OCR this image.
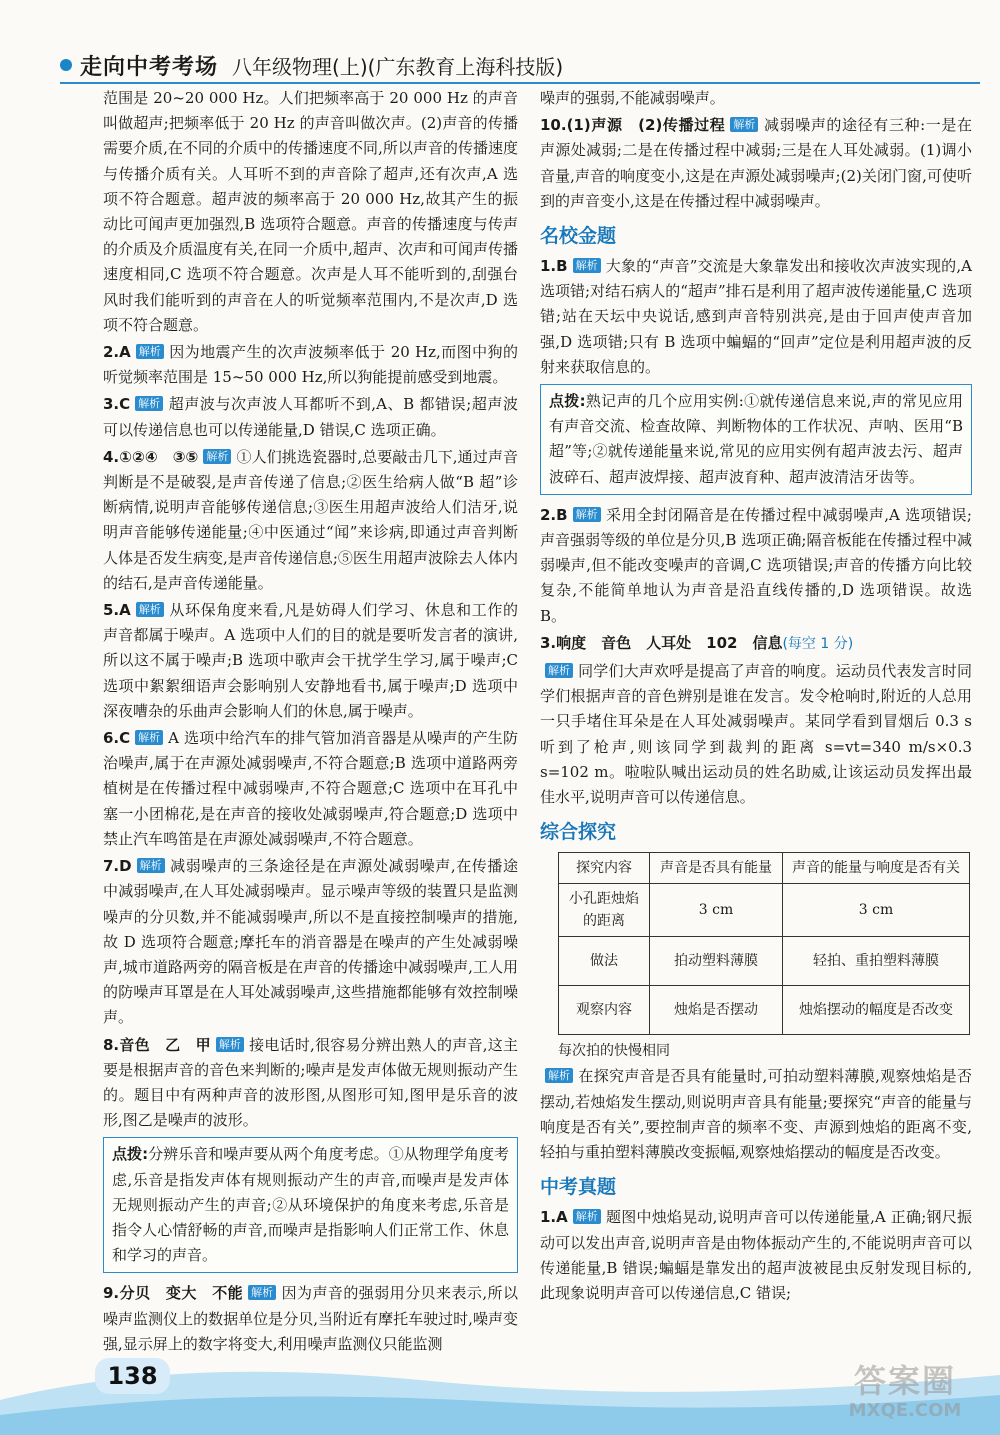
走向中考考场 八年级物理(上)(广东教育上海科技版)

范围是 20~20 000 Hz。人们把频率高于 20 000 Hz 的声音叫做超声;把频率低于 20 Hz 的声音叫做次声。(2)声音的传播需要介质,在不同的介质中的传播速度不同,所以声音的传播速度与传播介质有关。人耳听不到的声音除了超声,还有次声,A 选项不符合题意。超声波的频率高于 20 000 Hz,故其产生的振动比可闻声更加强烈,B 选项符合题意。声音的传播速度与传声的介质及介质温度有关,在同一介质中,超声、次声和可闻声传播速度相同,C 选项不符合题意。次声是人耳不能听到的,刮强台风时我们能听到的声音在人的听觉频率范围内,不是次声,D 选项不符合题意。

2.A 解析 因为地震产生的次声波频率低于 20 Hz,而图中狗的听觉频率范围是 15~50 000 Hz,所以狗能提前感受到地震。

3.C 解析 超声波与次声波人耳都听不到,A、B 都错误;超声波可以传递信息也可以传递能量,D 错误,C 选项正确。

4.①②④　③⑤ 解析 ①人们挑选瓷器时,总要敲击几下,通过声音判断是不是破裂,是声音传递了信息;②医生给病人做“B 超”诊断病情,说明声音能够传递信息;③医生用超声波给人们洁牙,说明声音能够传递能量;④中医通过“闻”来诊病,即通过声音判断人体是否发生病变,是声音传递信息;⑤医生用超声波除去人体内的结石,是声音传递能量。

5.A 解析 从环保角度来看,凡是妨碍人们学习、休息和工作的声音都属于噪声。A 选项中人们的目的就是要听发言者的演讲,所以这不属于噪声;B 选项中歌声会干扰学生学习,属于噪声;C 选项中絮絮细语声会影响别人安静地看书,属于噪声;D 选项中深夜嘈杂的乐曲声会影响人们的休息,属于噪声。

6.C 解析 A 选项中给汽车的排气管加消音器是从噪声的产生防治噪声,属于在声源处减弱噪声,不符合题意;B 选项中道路两旁植树是在传播过程中减弱噪声,不符合题意;C 选项中在耳孔中塞一小团棉花,是在声音的接收处减弱噪声,符合题意;D 选项中禁止汽车鸣笛是在声源处减弱噪声,不符合题意。

7.D 解析 减弱噪声的三条途径是在声源处减弱噪声,在传播途中减弱噪声,在人耳处减弱噪声。显示噪声等级的装置只是监测噪声的分贝数,并不能减弱噪声,所以不是直接控制噪声的措施,故 D 选项符合题意;摩托车的消音器是在噪声的产生处减弱噪声,城市道路两旁的隔音板是在声音的传播途中减弱噪声,工人用的防噪声耳罩是在人耳处减弱噪声,这些措施都能够有效控制噪声。

8.音色　乙　甲 解析 接电话时,很容易分辨出熟人的声音,这主要是根据声音的音色来判断的;噪声是发声体做无规则振动产生的。题目中有两种声音的波形图,从图形可知,图甲是乐音的波形,图乙是噪声的波形。

点拨:分辨乐音和噪声要从两个角度考虑。①从物理学角度考虑,乐音是指发声体有规则振动产生的声音,而噪声是发声体无规则振动产生的声音;②从环境保护的角度来考虑,乐音是指令人心情舒畅的声音,而噪声是指影响人们正常工作、休息和学习的声音。

9.分贝　变大　不能 解析 因为声音的强弱用分贝来表示,所以噪声监测仪上的数据单位是分贝,当附近有摩托车驶过时,噪声变强,显示屏上的数字将变大,利用噪声监测仪只能监测

噪声的强弱,不能减弱噪声。

10.(1)声源　(2)传播过程 解析 减弱噪声的途径有三种:一是在声源处减弱;二是在传播过程中减弱;三是在人耳处减弱。(1)调小音量,声音的响度变小,这是在声源处减弱噪声;(2)关闭门窗,可使听到的声音变小,这是在传播过程中减弱噪声。

名校金题

1.B 解析 大象的“声音”交流是大象靠发出和接收次声波实现的,A 选项错;对结石病人的“超声”排石是利用了超声波传递能量,C 选项错;站在天坛中央说话,感到声音特别洪亮,是由于回声使声音加强,D 选项错;只有 B 选项中蝙蝠的“回声”定位是利用超声波的反射来获取信息的。

点拨:熟记声的几个应用实例:①就传递信息来说,声的常见应用有声音交流、检查故障、判断物体的工作状况、声呐、医用“B 超”等;②就传递能量来说,常见的应用实例有超声波去污、超声波碎石、超声波焊接、超声波育种、超声波清洁牙齿等。

2.B 解析 采用全封闭隔音是在传播过程中减弱噪声,A 选项错误;声音强弱等级的单位是分贝,B 选项正确;隔音板能在传播过程中减弱噪声,但不能改变噪声的音调,C 选项错误;声音的传播方向比较复杂,不能简单地认为声音是沿直线传播的,D 选项错误。故选 B。

3.响度　音色　人耳处　102　信息(每空 1 分)

解析 同学们大声欢呼是提高了声音的响度。运动员代表发言时同学们根据声音的音色辨别是谁在发言。发令枪响时,附近的人总用一只手堵住耳朵是在人耳处减弱噪声。某同学看到冒烟后 0.3 s 听到了枪声,则该同学到裁判的距离 s=vt=340 m/s×0.3 s=102 m。啦啦队喊出运动员的姓名助威,让该运动员发挥出最佳水平,说明声音可以传递信息。

综合探究
探究内容	声音是否具有能量	声音的能量与响度是否有关
小孔距烛焰的距离	3 cm	3 cm
做法	拍动塑料薄膜	轻拍、重拍塑料薄膜
观察内容	烛焰是否摆动	烛焰摆动的幅度是否改变

每次拍的快慢相同

解析 在探究声音是否具有能量时,可拍动塑料薄膜,观察烛焰是否摆动,若烛焰发生摆动,则说明声音具有能量;要探究“声音的能量与响度是否有关”,要控制声音的频率不变、声源到烛焰的距离不变,轻拍与重拍塑料薄膜改变振幅,观察烛焰摆动的幅度是否改变。

中考真题

1.A 解析 题图中烛焰晃动,说明声音可以传递能量,A 正确;钢尺振动可以发出声音,说明声音是由物体振动产生的,不能说明声音可以传递能量,B 错误;蝙蝠是靠发出的超声波被昆虫反射发现目标的,此现象说明声音可以传递信息,C 错误;

138	答案圈
MXQE.COM
